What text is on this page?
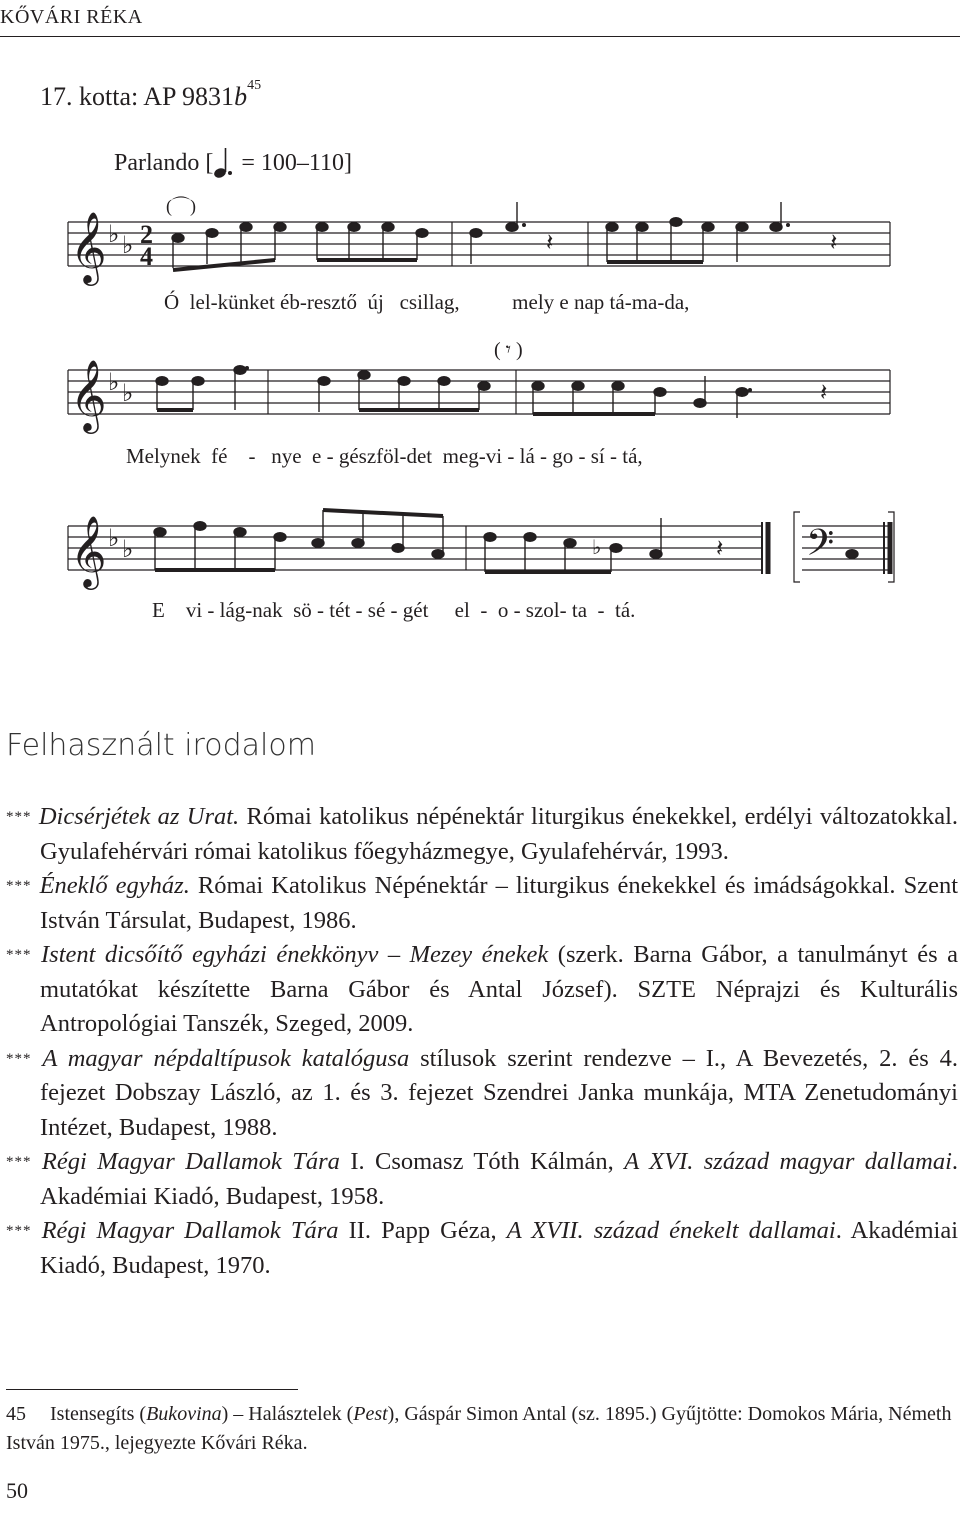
KŐVÁRI RÉKA
17. kotta: AP $9831b^{45}$
Parlando [ = 100–110]
𝄞 ♭ ♭ 2
4
(⌒)
𝄽	𝄽
Ó  lel-künket éb-resztő  új   csillag,          mely e nap tá-ma-da,
𝄞 ♭ ♭
( 𝄾 )
𝄽
Melynek  fé    -   nye  e - gészföl-det  meg-vi - lá - go - sí - tá,
𝄞 ♭ ♭	𝄢
♭	𝄽
E    vi - lág-nak  sö - tét - sé - gét     el  -  o - szol- ta  -  tá.
Felhasznált irodalom

*** Dicsérjétek az Urat. Római katolikus népénektár liturgikus énekekkel, erdélyi változatokkal. Gyulafehérvári római katolikus főegyházmegye, Gyulafehérvár, 1993.

*** Éneklő egyház. Római Katolikus Népénektár – liturgikus énekekkel és imádságokkal. Szent István Társulat, Budapest, 1986.

*** Istent dicsőítő egyházi énekkönyv – Mezey énekek (szerk. Barna Gábor, a tanulmányt és a mutatókat készítette Barna Gábor és Antal József). SZTE Néprajzi és Kulturális Antropológiai Tanszék, Szeged, 2009.

*** A magyar népdaltípusok katalógusa stílusok szerint rendezve – I., A Bevezetés, 2. és 4. fejezet Dobszay László, az 1. és 3. fejezet Szendrei Janka munkája, MTA Zenetudományi Intézet, Budapest, 1988.

*** Régi Magyar Dallamok Tára I. Csomasz Tóth Kálmán, A XVI. század magyar dallamai. Akadémiai Kiadó, Budapest, 1958.

*** Régi Magyar Dallamok Tára II. Papp Géza, A XVII. század énekelt dallamai. Akadémiai Kiadó, Budapest, 1970.

45 Istensegíts (Bukovina) – Halásztelek (Pest), Gáspár Simon Antal (sz. 1895.) Gyűjtötte: Domokos Mária, Németh István 1975., lejegyezte Kővári Réka.
50
